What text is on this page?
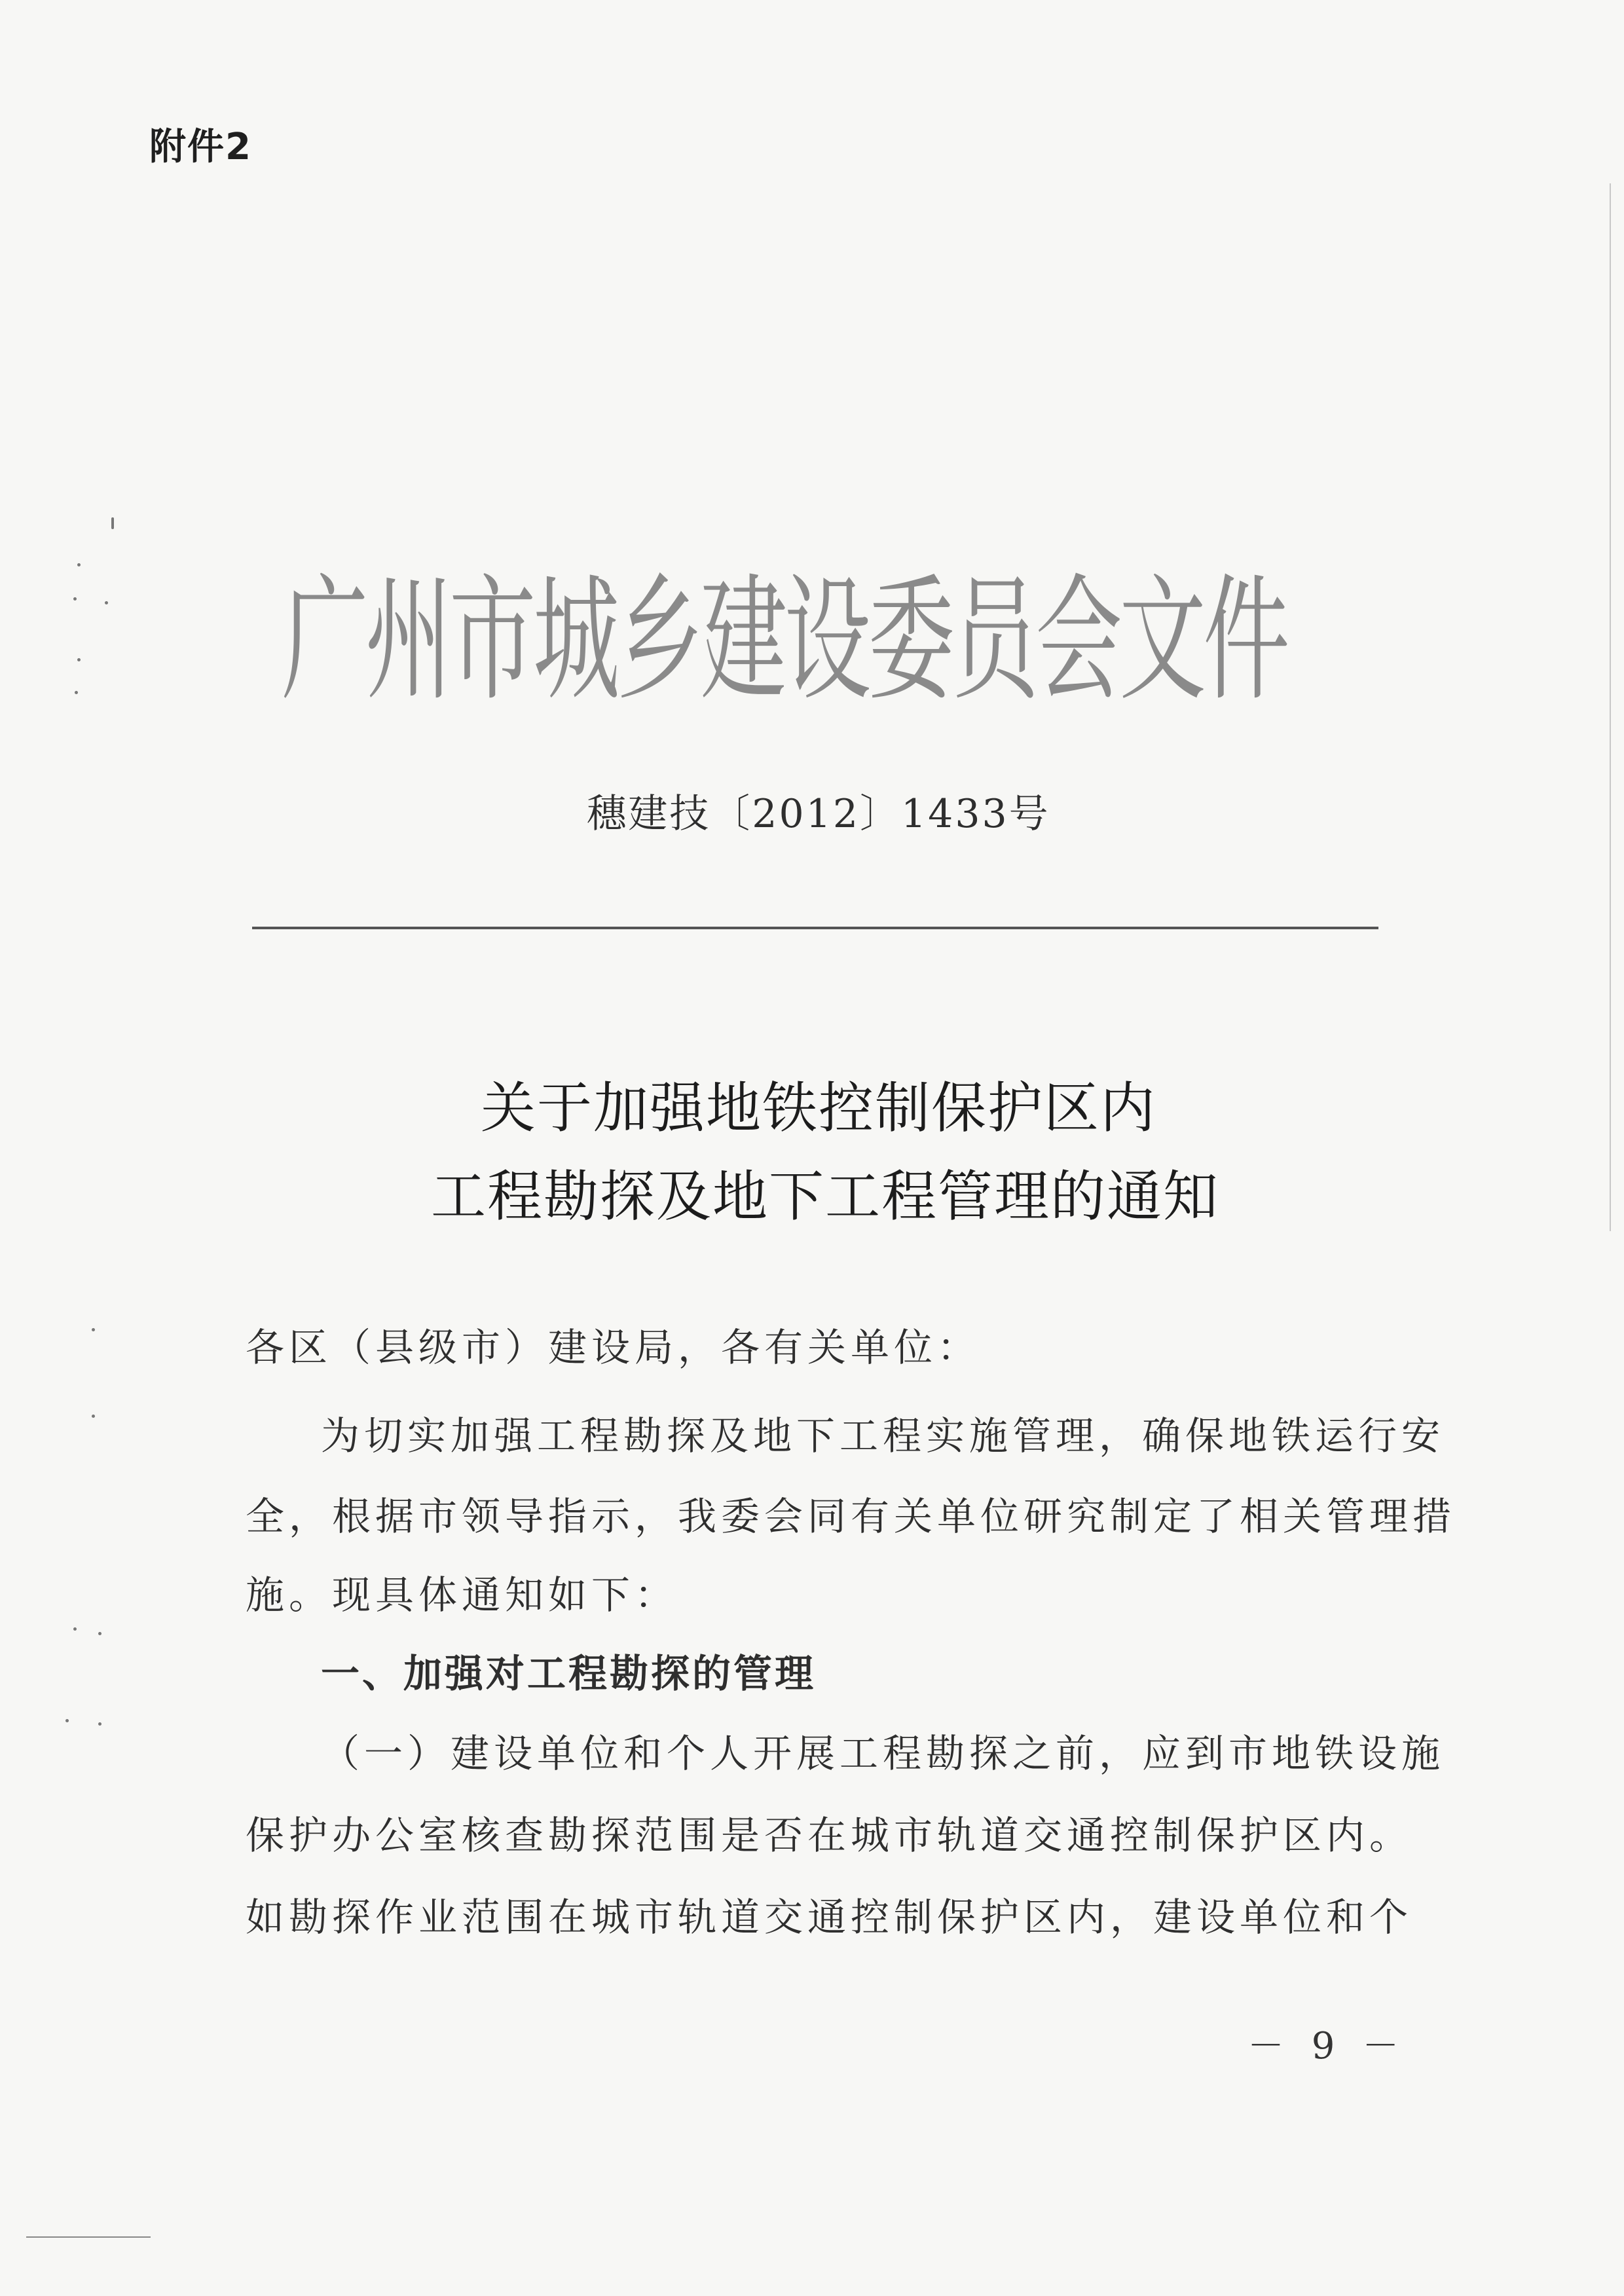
附件2
广州市城乡建设委员会文件
穗建技〔2012〕1433号
关于加强地铁控制保护区内
工程勘探及地下工程管理的通知
各区（县级市）建设局，各有关单位：
为切实加强工程勘探及地下工程实施管理，确保地铁运行安
全，根据市领导指示，我委会同有关单位研究制定了相关管理措
施。现具体通知如下：
一、加强对工程勘探的管理
（一）建设单位和个人开展工程勘探之前，应到市地铁设施
保护办公室核查勘探范围是否在城市轨道交通控制保护区内。
如勘探作业范围在城市轨道交通控制保护区内，建设单位和个
－ 9 －
